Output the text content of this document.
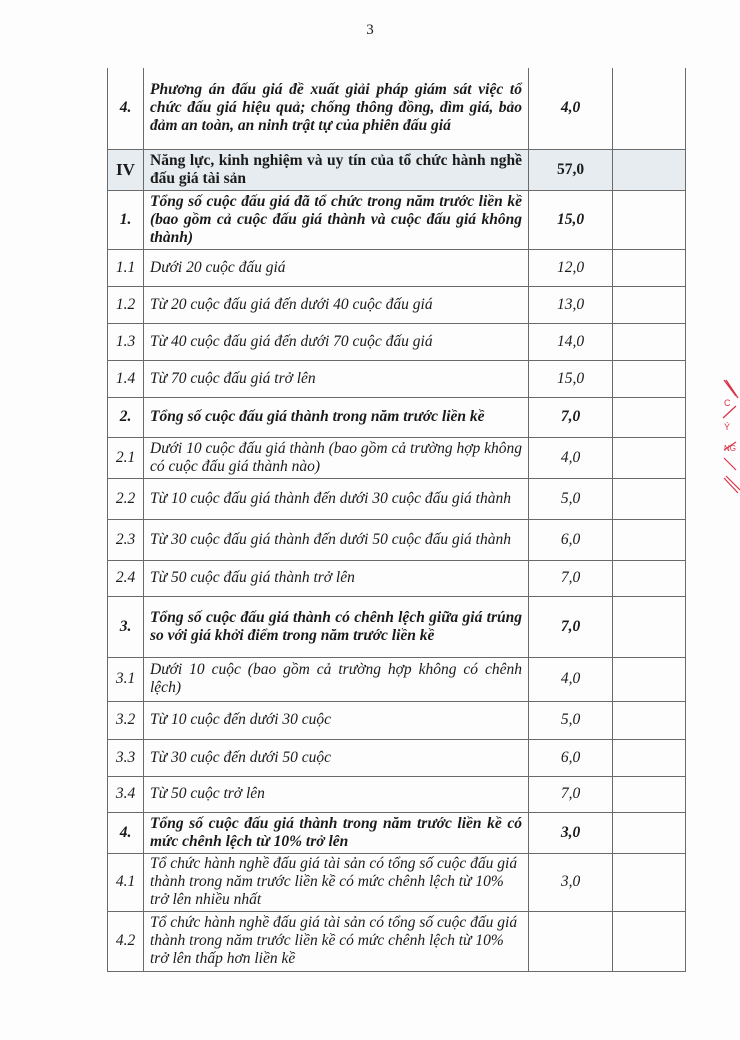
3
4.	Phương án đấu giá đề xuất giải pháp giám sát việc tổ chức đấu giá hiệu quả; chống thông đồng, dìm giá, bảo đảm an toàn, an ninh trật tự của phiên đấu giá	4,0	
IV	Năng lực, kinh nghiệm và uy tín của tổ chức hành nghề đấu giá tài sản	57,0	
1.	Tổng số cuộc đấu giá đã tổ chức trong năm trước liền kề (bao gồm cả cuộc đấu giá thành và cuộc đấu giá không thành)	15,0	
1.1	Dưới 20 cuộc đấu giá	12,0	
1.2	Từ 20 cuộc đấu giá đến dưới 40 cuộc đấu giá	13,0	
1.3	Từ 40 cuộc đấu giá đến dưới 70 cuộc đấu giá	14,0	
1.4	Từ 70 cuộc đấu giá trở lên	15,0	
2.	Tổng số cuộc đấu giá thành trong năm trước liền kề	7,0	
2.1	Dưới 10 cuộc đấu giá thành (bao gồm cả trường hợp không có cuộc đấu giá thành nào)	4,0	
2.2	Từ 10 cuộc đấu giá thành đến dưới 30 cuộc đấu giá thành	5,0	
2.3	Từ 30 cuộc đấu giá thành đến dưới 50 cuộc đấu giá thành	6,0	
2.4	Từ 50 cuộc đấu giá thành trở lên	7,0	
3.	Tổng số cuộc đấu giá thành có chênh lệch giữa giá trúng so với giá khởi điểm trong năm trước liền kề	7,0	
3.1	Dưới 10 cuộc (bao gồm cả trường hợp không có chênh lệch)	4,0	
3.2	Từ 10 cuộc đến dưới 30 cuộc	5,0	
3.3	Từ 30 cuộc đến dưới 50 cuộc	6,0	
3.4	Từ 50 cuộc trở lên	7,0	
4.	Tổng số cuộc đấu giá thành trong năm trước liền kề có mức chênh lệch từ 10% trở lên	3,0	
4.1	Tổ chức hành nghề đấu giá tài sản có tổng số cuộc đấu giá thành trong năm trước liền kề có mức chênh lệch từ 10% trở lên nhiều nhất	3,0	
4.2	Tổ chức hành nghề đấu giá tài sản có tổng số cuộc đấu giá thành trong năm trước liền kề có mức chênh lệch từ 10% trở lên thấp hơn liền kề		
C
Ý
NG
